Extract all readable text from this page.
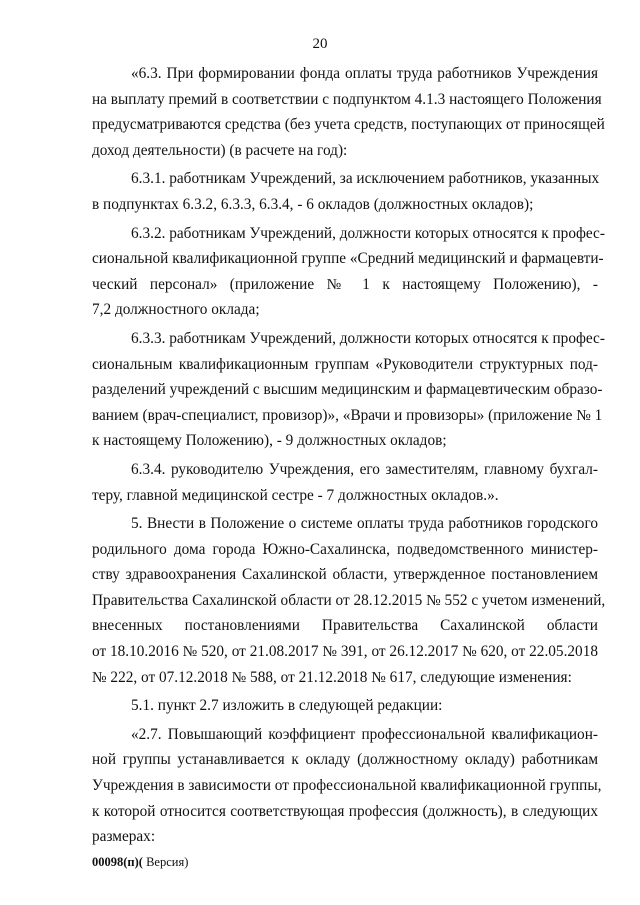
20
«6.3. При формировании фонда оплаты труда работников Учреждения
на выплату премий в соответствии с подпунктом 4.1.3 настоящего Положения
предусматриваются средства (без учета средств, поступающих от приносящей
доход деятельности) (в расчете на год):
6.3.1. работникам Учреждений, за исключением работников, указанных
в подпунктах 6.3.2, 6.3.3, 6.3.4, - 6 окладов (должностных окладов);
6.3.2. работникам Учреждений, должности которых относятся к профес-
сиональной квалификационной группе «Средний медицинский и фармацевти-
ческий персонал» (приложение № 1 к настоящему Положению), -
7,2 должностного оклада;
6.3.3. работникам Учреждений, должности которых относятся к профес-
сиональным квалификационным группам «Руководители структурных под-
разделений учреждений с высшим медицинским и фармацевтическим образо-
ванием (врач-специалист, провизор)», «Врачи и провизоры» (приложение № 1
к настоящему Положению), - 9 должностных окладов;
6.3.4. руководителю Учреждения, его заместителям, главному бухгал-
теру, главной медицинской сестре - 7 должностных окладов.».
5. Внести в Положение о системе оплаты труда работников городского
родильного дома города Южно-Сахалинска, подведомственного министер-
ству здравоохранения Сахалинской области, утвержденное постановлением
Правительства Сахалинской области от 28.12.2015 № 552 с учетом изменений,
внесенных постановлениями Правительства Сахалинской области
от 18.10.2016 № 520, от 21.08.2017 № 391, от 26.12.2017 № 620, от 22.05.2018
№ 222, от 07.12.2018 № 588, от 21.12.2018 № 617, следующие изменения:
5.1. пункт 2.7 изложить в следующей редакции:
«2.7. Повышающий коэффициент профессиональной квалификацион-
ной группы устанавливается к окладу (должностному окладу) работникам
Учреждения в зависимости от профессиональной квалификационной группы,
к которой относится соответствующая профессия (должность), в следующих
размерах:
00098(п)( Версия)
